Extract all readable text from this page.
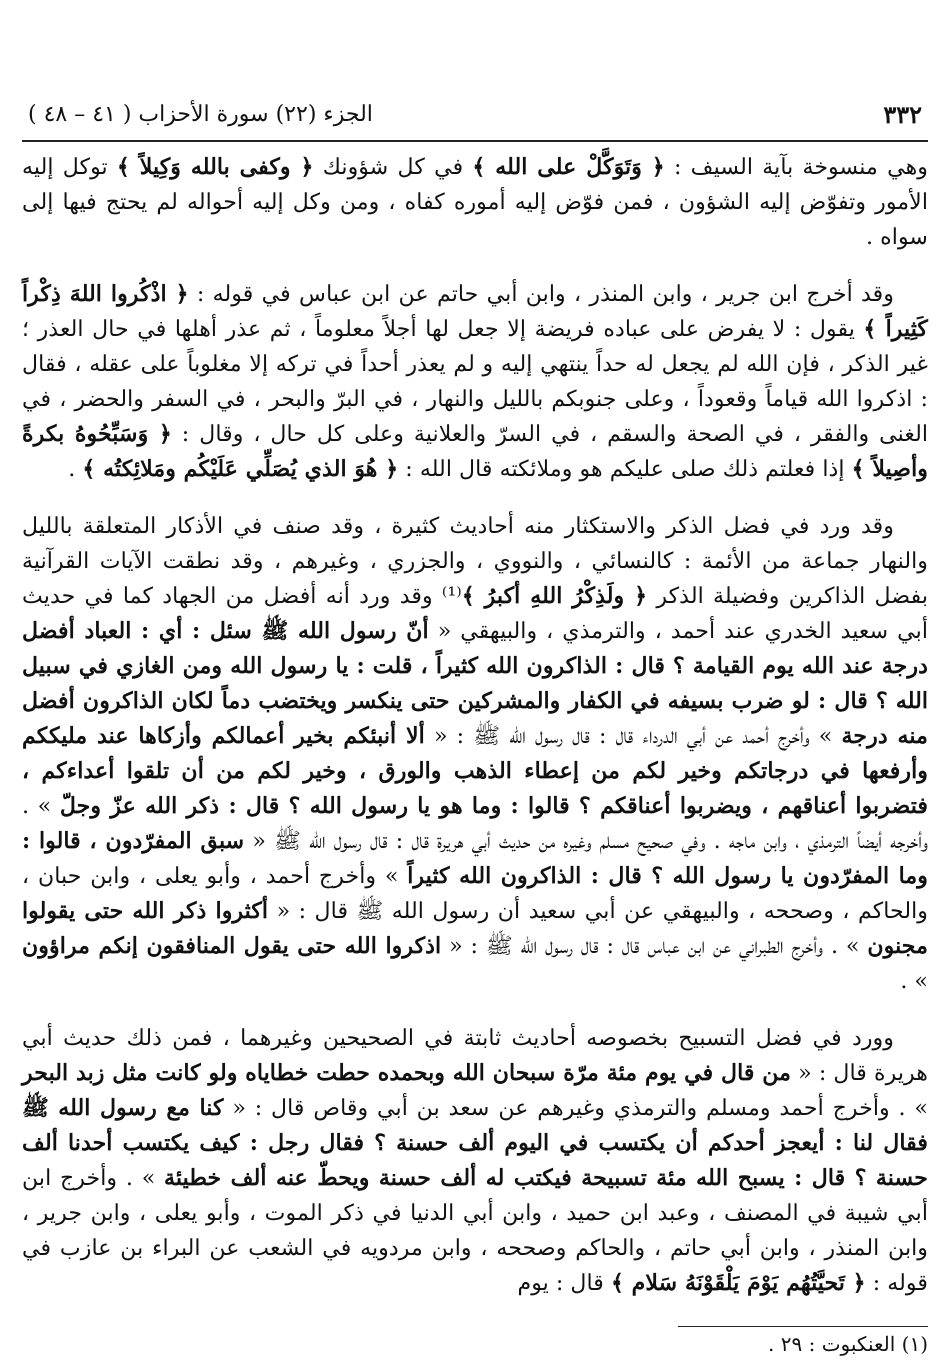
٣٣٢
الجزء (٢٢) سورة الأحزاب ( ٤١ – ٤٨ )

وهي منسوخة بآية السيف : ﴿ وَتَوَكَّلْ على الله ﴾ في كل شؤونك ﴿ وكفى بالله وَكِيلاً ﴾ توكل إليه الأمور وتفوّض إليه الشؤون ، فمن فوّض إليه أموره كفاه ، ومن وكل إليه أحواله لم يحتج فيها إلى سواه .

وقد أخرج ابن جرير ، وابن المنذر ، وابن أبي حاتم عن ابن عباس في قوله : ﴿ اذْكُروا اللهَ ذِكْراً كَثِيراً ﴾ يقول : لا يفرض على عباده فريضة إلا جعل لها أجلاً معلوماً ، ثم عذر أهلها في حال العذر ؛ غير الذكر ، فإن الله لم يجعل له حداً ينتهي إليه و لم يعذر أحداً في تركه إلا مغلوباً على عقله ، فقال : اذكروا الله قياماً وقعوداً ، وعلى جنوبكم بالليل والنهار ، في البرّ والبحر ، في السفر والحضر ، في الغنى والفقر ، في الصحة والسقم ، في السرّ والعلانية وعلى كل حال ، وقال : ﴿ وَسَبِّحُوهُ بكرةً وأصِيلاً ﴾ إذا فعلتم ذلك صلى عليكم هو وملائكته قال الله : ﴿ هُوَ الذي يُصَلِّي عَلَيْكُم ومَلائِكتُه ﴾ .

وقد ورد في فضل الذكر والاستكثار منه أحاديث كثيرة ، وقد صنف في الأذكار المتعلقة بالليل والنهار جماعة من الأئمة : كالنسائي ، والنووي ، والجزري ، وغيرهم ، وقد نطقت الآيات القرآنية بفضل الذاكرين وفضيلة الذكر ﴿ ولَذِكْرُ اللهِ أكبرُ ﴾⁽¹⁾ وقد ورد أنه أفضل من الجهاد كما في حديث أبي سعيد الخدري عند أحمد ، والترمذي ، والبيهقي « أنّ رسول الله ﷺ سئل : أي : العباد أفضل درجة عند الله يوم القيامة ؟ قال : الذاكرون الله كثيراً ، قلت : يا رسول الله ومن الغازي في سبيل الله ؟ قال : لو ضرب بسيفه في الكفار والمشركين حتى ينكسر ويختضب دماً لكان الذاكرون أفضل منه درجة » وأخرج أحمد عن أبي الدرداء قال : قال رسول الله ﷺ : « ألا أنبئكم بخير أعمالكم وأزكاها عند مليككم وأرفعها في درجاتكم وخير لكم من إعطاء الذهب والورق ، وخير لكم من أن تلقوا أعداءكم ، فتضربوا أعناقهم ، ويضربوا أعناقكم ؟ قالوا : وما هو يا رسول الله ؟ قال : ذكر الله عزّ وجلّ » . وأخرجه أيضاً الترمذي ، وابن ماجه . وفي صحيح مسلم وغيره من حديث أبي هريرة قال : قال رسول الله ﷺ « سبق المفرّدون ، قالوا : وما المفرّدون يا رسول الله ؟ قال : الذاكرون الله كثيراً » وأخرج أحمد ، وأبو يعلى ، وابن حبان ، والحاكم ، وصححه ، والبيهقي عن أبي سعيد أن رسول الله ﷺ قال : « أكثروا ذكر الله حتى يقولوا مجنون » . وأخرج الطبراني عن ابن عباس قال : قال رسول الله ﷺ : « اذكروا الله حتى يقول المنافقون إنكم مراؤون » .

وورد في فضل التسبيح بخصوصه أحاديث ثابتة في الصحيحين وغيرهما ، فمن ذلك حديث أبي هريرة قال : « من قال في يوم مئة مرّة سبحان الله وبحمده حطت خطاياه ولو كانت مثل زبد البحر » . وأخرج أحمد ومسلم والترمذي وغيرهم عن سعد بن أبي وقاص قال : « كنا مع رسول الله ﷺ فقال لنا : أيعجز أحدكم أن يكتسب في اليوم ألف حسنة ؟ فقال رجل : كيف يكتسب أحدنا ألف حسنة ؟ قال : يسبح الله مئة تسبيحة فيكتب له ألف حسنة ويحطّ عنه ألف خطيئة » . وأخرج ابن أبي شيبة في المصنف ، وعبد ابن حميد ، وابن أبي الدنيا في ذكر الموت ، وأبو يعلى ، وابن جرير ، وابن المنذر ، وابن أبي حاتم ، والحاكم وصححه ، وابن مردويه في الشعب عن البراء بن عازب في قوله : ﴿ تَحيَّتُهُم يَوْمَ يَلْقَوْنَهُ سَلام ﴾ قال : يوم

(١) العنكبوت : ٢٩ .
